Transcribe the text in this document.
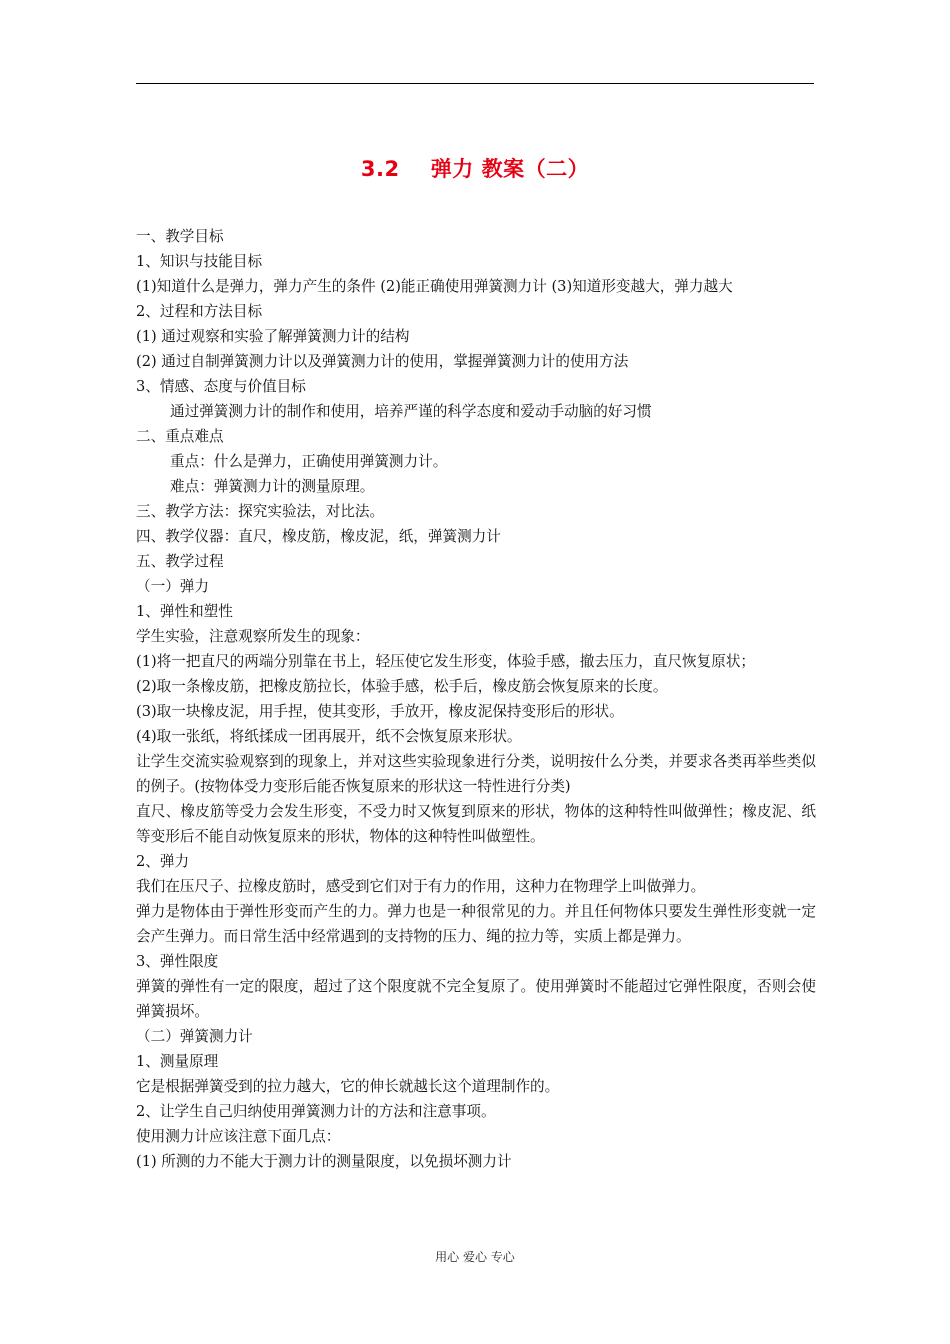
3.2    弹力 教案（二）
一、教学目标
1、知识与技能目标
(1)知道什么是弹力，弹力产生的条件 (2)能正确使用弹簧测力计 (3)知道形变越大，弹力越大
2、过程和方法目标
(1) 通过观察和实验了解弹簧测力计的结构
(2) 通过自制弹簧测力计以及弹簧测力计的使用，掌握弹簧测力计的使用方法
3、情感、态度与价值目标
通过弹簧测力计的制作和使用，培养严谨的科学态度和爱动手动脑的好习惯
二、重点难点
重点：什么是弹力，正确使用弹簧测力计。
难点：弹簧测力计的测量原理。
三、教学方法：探究实验法，对比法。
四、教学仪器：直尺，橡皮筋，橡皮泥，纸，弹簧测力计
五、教学过程
（一）弹力
1、弹性和塑性
学生实验，注意观察所发生的现象：
(1)将一把直尺的两端分别靠在书上，轻压使它发生形变，体验手感，撤去压力，直尺恢复原状；
(2)取一条橡皮筋，把橡皮筋拉长，体验手感，松手后，橡皮筋会恢复原来的长度。
(3)取一块橡皮泥，用手捏，使其变形，手放开，橡皮泥保持变形后的形状。
(4)取一张纸，将纸揉成一团再展开，纸不会恢复原来形状。
让学生交流实验观察到的现象上，并对这些实验现象进行分类，说明按什么分类，并要求各类再举些类似的例子。(按物体受力变形后能否恢复原来的形状这一特性进行分类)
直尺、橡皮筋等受力会发生形变，不受力时又恢复到原来的形状，物体的这种特性叫做弹性；橡皮泥、纸等变形后不能自动恢复原来的形状，物体的这种特性叫做塑性。
2、弹力
我们在压尺子、拉橡皮筋时，感受到它们对于有力的作用，这种力在物理学上叫做弹力。
弹力是物体由于弹性形变而产生的力。弹力也是一种很常见的力。并且任何物体只要发生弹性形变就一定会产生弹力。而日常生活中经常遇到的支持物的压力、绳的拉力等，实质上都是弹力。
3、弹性限度
弹簧的弹性有一定的限度，超过了这个限度就不完全复原了。使用弹簧时不能超过它弹性限度，否则会使弹簧损坏。
（二）弹簧测力计
1、测量原理
它是根据弹簧受到的拉力越大，它的伸长就越长这个道理制作的。
2、让学生自己归纳使用弹簧测力计的方法和注意事项。
使用测力计应该注意下面几点：
(1) 所测的力不能大于测力计的测量限度，以免损坏测力计
用心 爱心 专心
